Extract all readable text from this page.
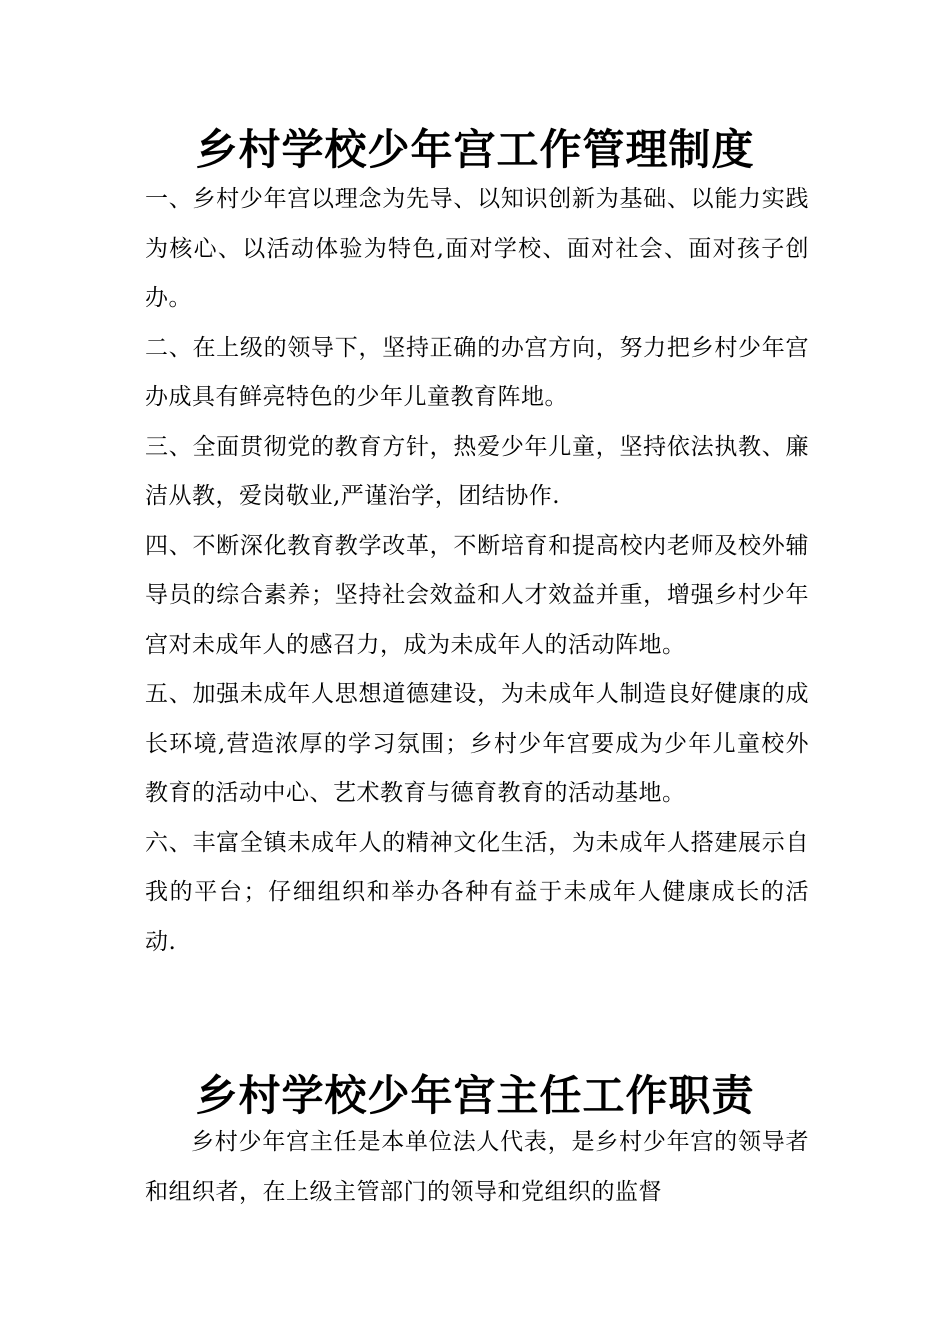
乡村学校少年宫工作管理制度

一、乡村少年宫以理念为先导、以知识创新为基础、以能力实践为核心、以活动体验为特色,面对学校、面对社会、面对孩子创办。

二、在上级的领导下，坚持正确的办宫方向，努力把乡村少年宫办成具有鲜亮特色的少年儿童教育阵地。

三、全面贯彻党的教育方针，热爱少年儿童，坚持依法执教、廉洁从教，爱岗敬业,严谨治学，团结协作.

四、不断深化教育教学改革，不断培育和提高校内老师及校外辅导员的综合素养；坚持社会效益和人才效益并重，增强乡村少年宫对未成年人的感召力，成为未成年人的活动阵地。

五、加强未成年人思想道德建设，为未成年人制造良好健康的成长环境,营造浓厚的学习氛围；乡村少年宫要成为少年儿童校外教育的活动中心、艺术教育与德育教育的活动基地。

六、丰富全镇未成年人的精神文化生活，为未成年人搭建展示自我的平台；仔细组织和举办各种有益于未成年人健康成长的活动.

乡村学校少年宫主任工作职责

乡村少年宫主任是本单位法人代表，是乡村少年宫的领导者和组织者，在上级主管部门的领导和党组织的监督
